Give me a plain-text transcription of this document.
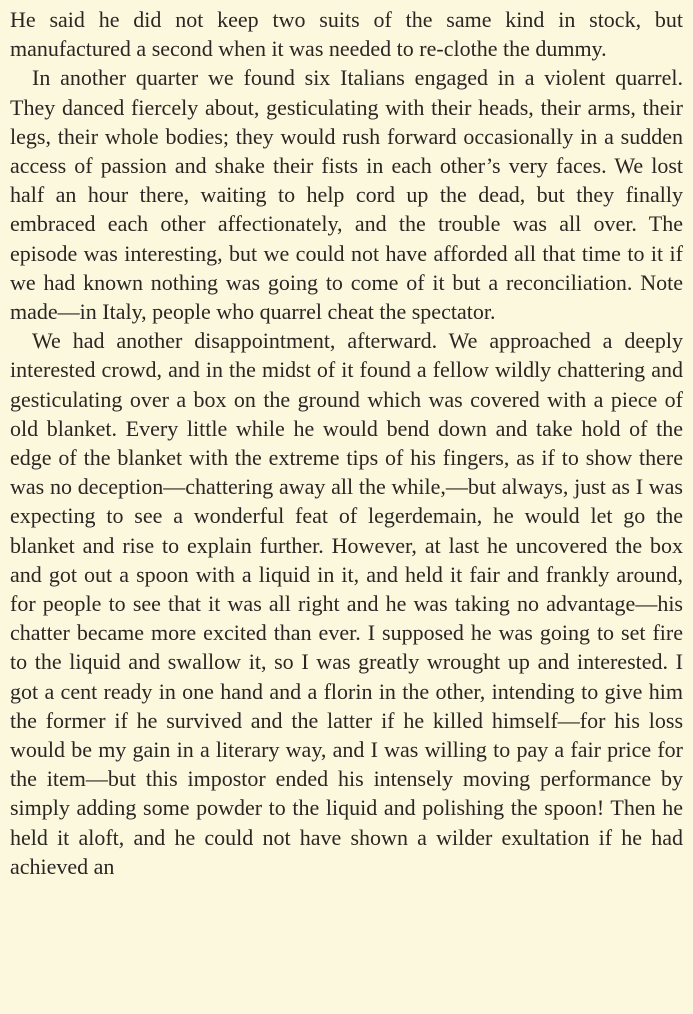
He said he did not keep two suits of the same kind in stock, but manufactured a second when it was needed to re-clothe the dummy.

In another quarter we found six Italians engaged in a violent quarrel. They danced fiercely about, gesticulating with their heads, their arms, their legs, their whole bodies; they would rush forward occasionally in a sudden access of passion and shake their fists in each other’s very faces. We lost half an hour there, waiting to help cord up the dead, but they finally embraced each other affectionately, and the trouble was all over. The episode was interesting, but we could not have afforded all that time to it if we had known nothing was going to come of it but a reconciliation. Note made—in Italy, people who quarrel cheat the spectator.

We had another disappointment, afterward. We approached a deeply interested crowd, and in the midst of it found a fellow wildly chattering and gesticulating over a box on the ground which was covered with a piece of old blanket. Every little while he would bend down and take hold of the edge of the blanket with the extreme tips of his fingers, as if to show there was no deception—chattering away all the while,—but always, just as I was expecting to see a wonderful feat of legerdemain, he would let go the blanket and rise to explain further. However, at last he uncovered the box and got out a spoon with a liquid in it, and held it fair and frankly around, for people to see that it was all right and he was taking no advantage—his chatter became more excited than ever. I supposed he was going to set fire to the liquid and swallow it, so I was greatly wrought up and interested. I got a cent ready in one hand and a florin in the other, intending to give him the former if he survived and the latter if he killed himself—for his loss would be my gain in a literary way, and I was willing to pay a fair price for the item—but this impostor ended his intensely moving performance by simply adding some powder to the liquid and polishing the spoon! Then he held it aloft, and he could not have shown a wilder exultation if he had achieved an
